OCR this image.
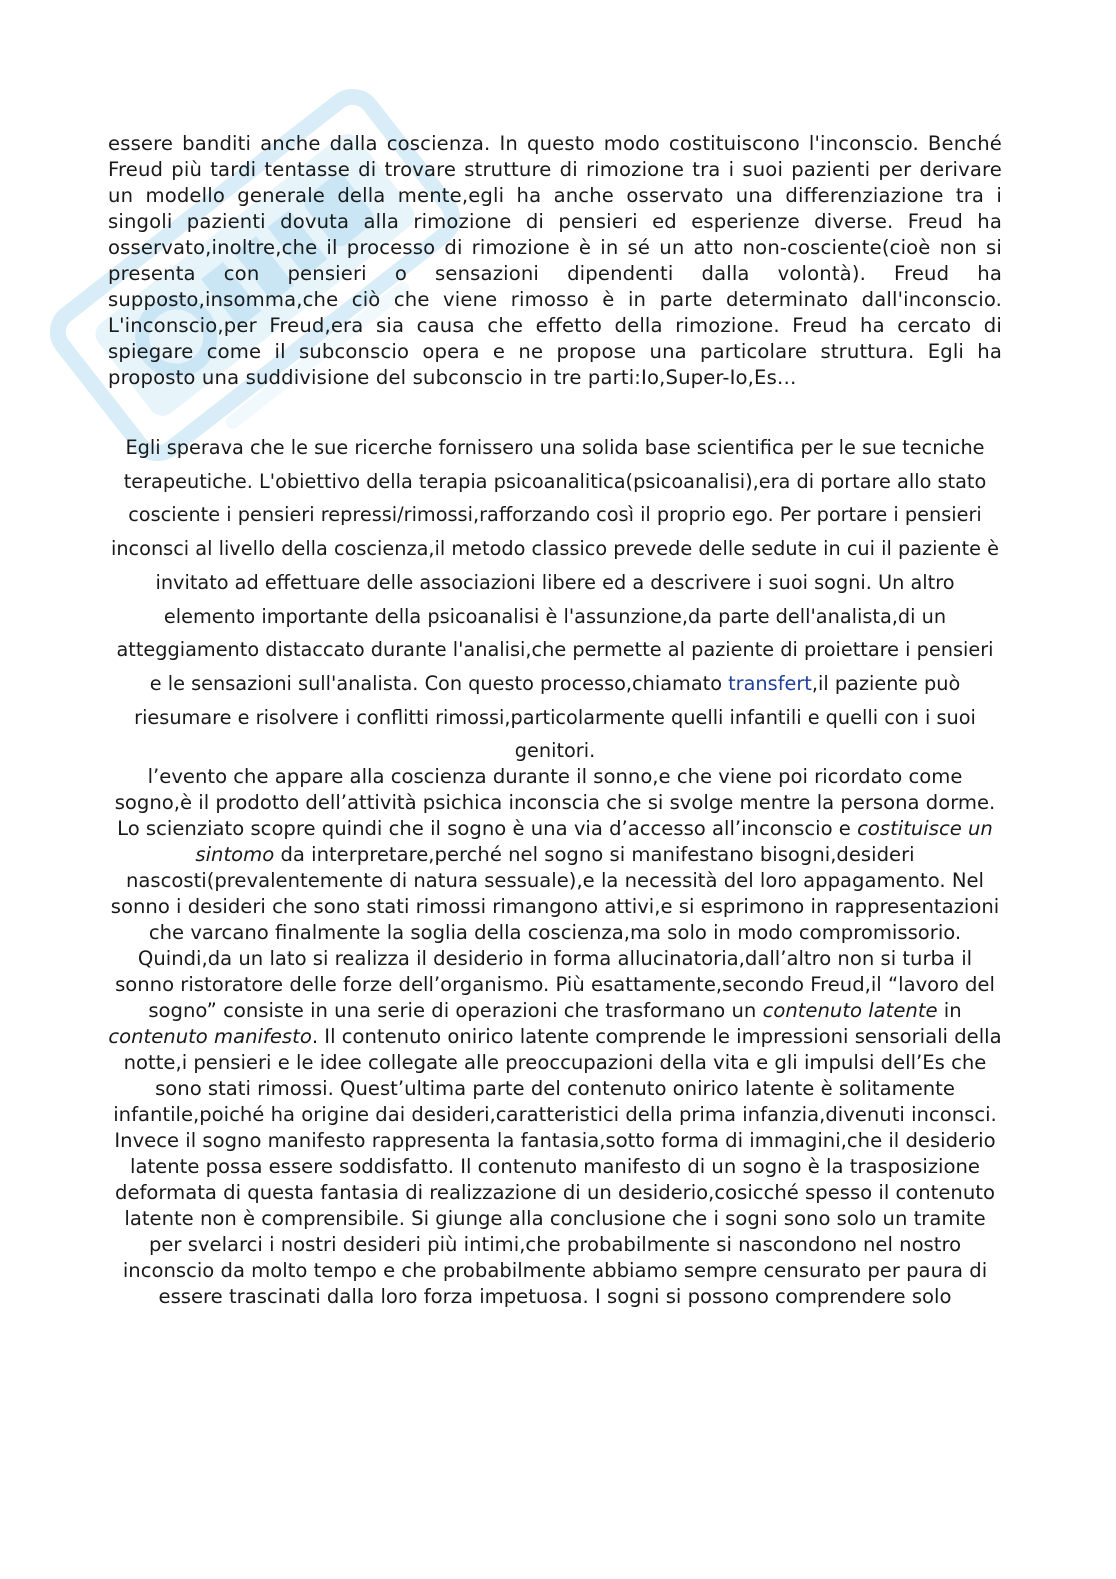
essere banditi anche dalla coscienza. In questo modo costituiscono l'inconscio. Benché Freud più tardi tentasse di trovare strutture di rimozione tra i suoi pazienti per derivare un modello generale della mente,egli ha anche osservato una differenziazione tra i singoli pazienti dovuta alla rimozione di pensieri ed esperienze diverse. Freud ha osservato,inoltre,che il processo di rimozione è in sé un atto non-cosciente(cioè non si presenta con pensieri o sensazioni dipendenti dalla volontà). Freud ha supposto,insomma,che ciò che viene rimosso è in parte determinato dall'inconscio. L'inconscio,per Freud,era sia causa che effetto della rimozione. Freud ha cercato di spiegare come il subconscio opera e ne propose una particolare struttura. Egli ha proposto una suddivisione del subconscio in tre parti:Io,Super-Io,Es…

Egli sperava che le sue ricerche fornissero una solida base scientifica per le sue tecniche terapeutiche. L'obiettivo della terapia psicoanalitica(psicoanalisi),era di portare allo stato cosciente i pensieri repressi/rimossi,rafforzando così il proprio ego. Per portare i pensieri inconsci al livello della coscienza,il metodo classico prevede delle sedute in cui il paziente è invitato ad effettuare delle associazioni libere ed a descrivere i suoi sogni. Un altro elemento importante della psicoanalisi è l'assunzione,da parte dell'analista,di un atteggiamento distaccato durante l'analisi,che permette al paziente di proiettare i pensieri e le sensazioni sull'analista. Con questo processo,chiamato transfert,il paziente può riesumare e risolvere i conflitti rimossi,particolarmente quelli infantili e quelli con i suoi genitori.

l’evento che appare alla coscienza durante il sonno,e che viene poi ricordato come sogno,è il prodotto dell’attività psichica inconscia che si svolge mentre la persona dorme. Lo scienziato scopre quindi che il sogno è una via d’accesso all’inconscio e costituisce un sintomo da interpretare,perché nel sogno si manifestano bisogni,desideri nascosti(prevalentemente di natura sessuale),e la necessità del loro appagamento. Nel sonno i desideri che sono stati rimossi rimangono attivi,e si esprimono in rappresentazioni che varcano finalmente la soglia della coscienza,ma solo in modo compromissorio. Quindi,da un lato si realizza il desiderio in forma allucinatoria,dall’altro non si turba il sonno ristoratore delle forze dell’organismo. Più esattamente,secondo Freud,il “lavoro del sogno” consiste in una serie di operazioni che trasformano un contenuto latente in contenuto manifesto. Il contenuto onirico latente comprende le impressioni sensoriali della notte,i pensieri e le idee collegate alle preoccupazioni della vita e gli impulsi dell’Es che sono stati rimossi. Quest’ultima parte del contenuto onirico latente è solitamente infantile,poiché ha origine dai desideri,caratteristici della prima infanzia,divenuti inconsci. Invece il sogno manifesto rappresenta la fantasia,sotto forma di immagini,che il desiderio latente possa essere soddisfatto. Il contenuto manifesto di un sogno è la trasposizione deformata di questa fantasia di realizzazione di un desiderio,cosicché spesso il contenuto latente non è comprensibile. Si giunge alla conclusione che i sogni sono solo un tramite per svelarci i nostri desideri più intimi,che probabilmente si nascondono nel nostro inconscio da molto tempo e che probabilmente abbiamo sempre censurato per paura di essere trascinati dalla loro forza impetuosa. I sogni si possono comprendere solo
